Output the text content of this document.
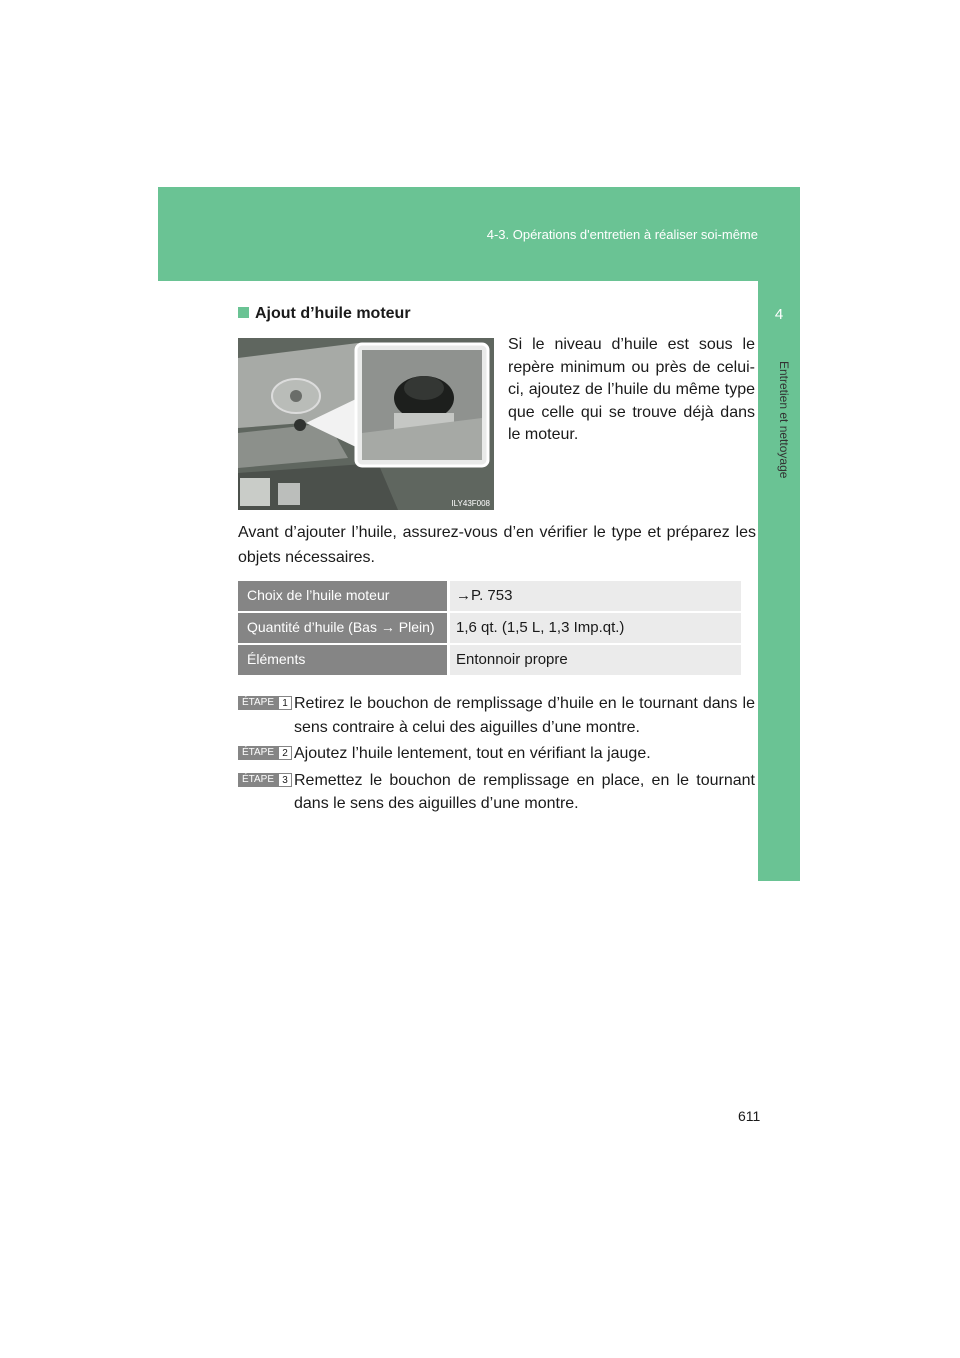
4-3. Opérations d'entretien à réaliser soi-même
4
Entretien et nettoyage
Ajout d’huile moteur
ILY43F008
Si le niveau d’huile est sous le repère minimum ou près de celui-ci, ajoutez de l’huile du même type que celle qui se trouve déjà dans le moteur.
Avant d’ajouter l’huile, assurez-vous d’en vérifier le type et préparez les objets nécessaires.
Choix de l’huile moteur	→P. 753
Quantité d’huile (Bas → Plein)	1,6 qt. (1,5 L, 1,3 Imp.qt.)
Éléments	Entonnoir propre
ÉTAPE 1 Retirez le bouchon de remplissage d’huile en le tournant dans le sens contraire à celui des aiguilles d’une montre.
ÉTAPE 2 Ajoutez l’huile lentement, tout en vérifiant la jauge.
ÉTAPE 3 Remettez le bouchon de remplissage en place, en le tournant dans le sens des aiguilles d’une montre.
611
